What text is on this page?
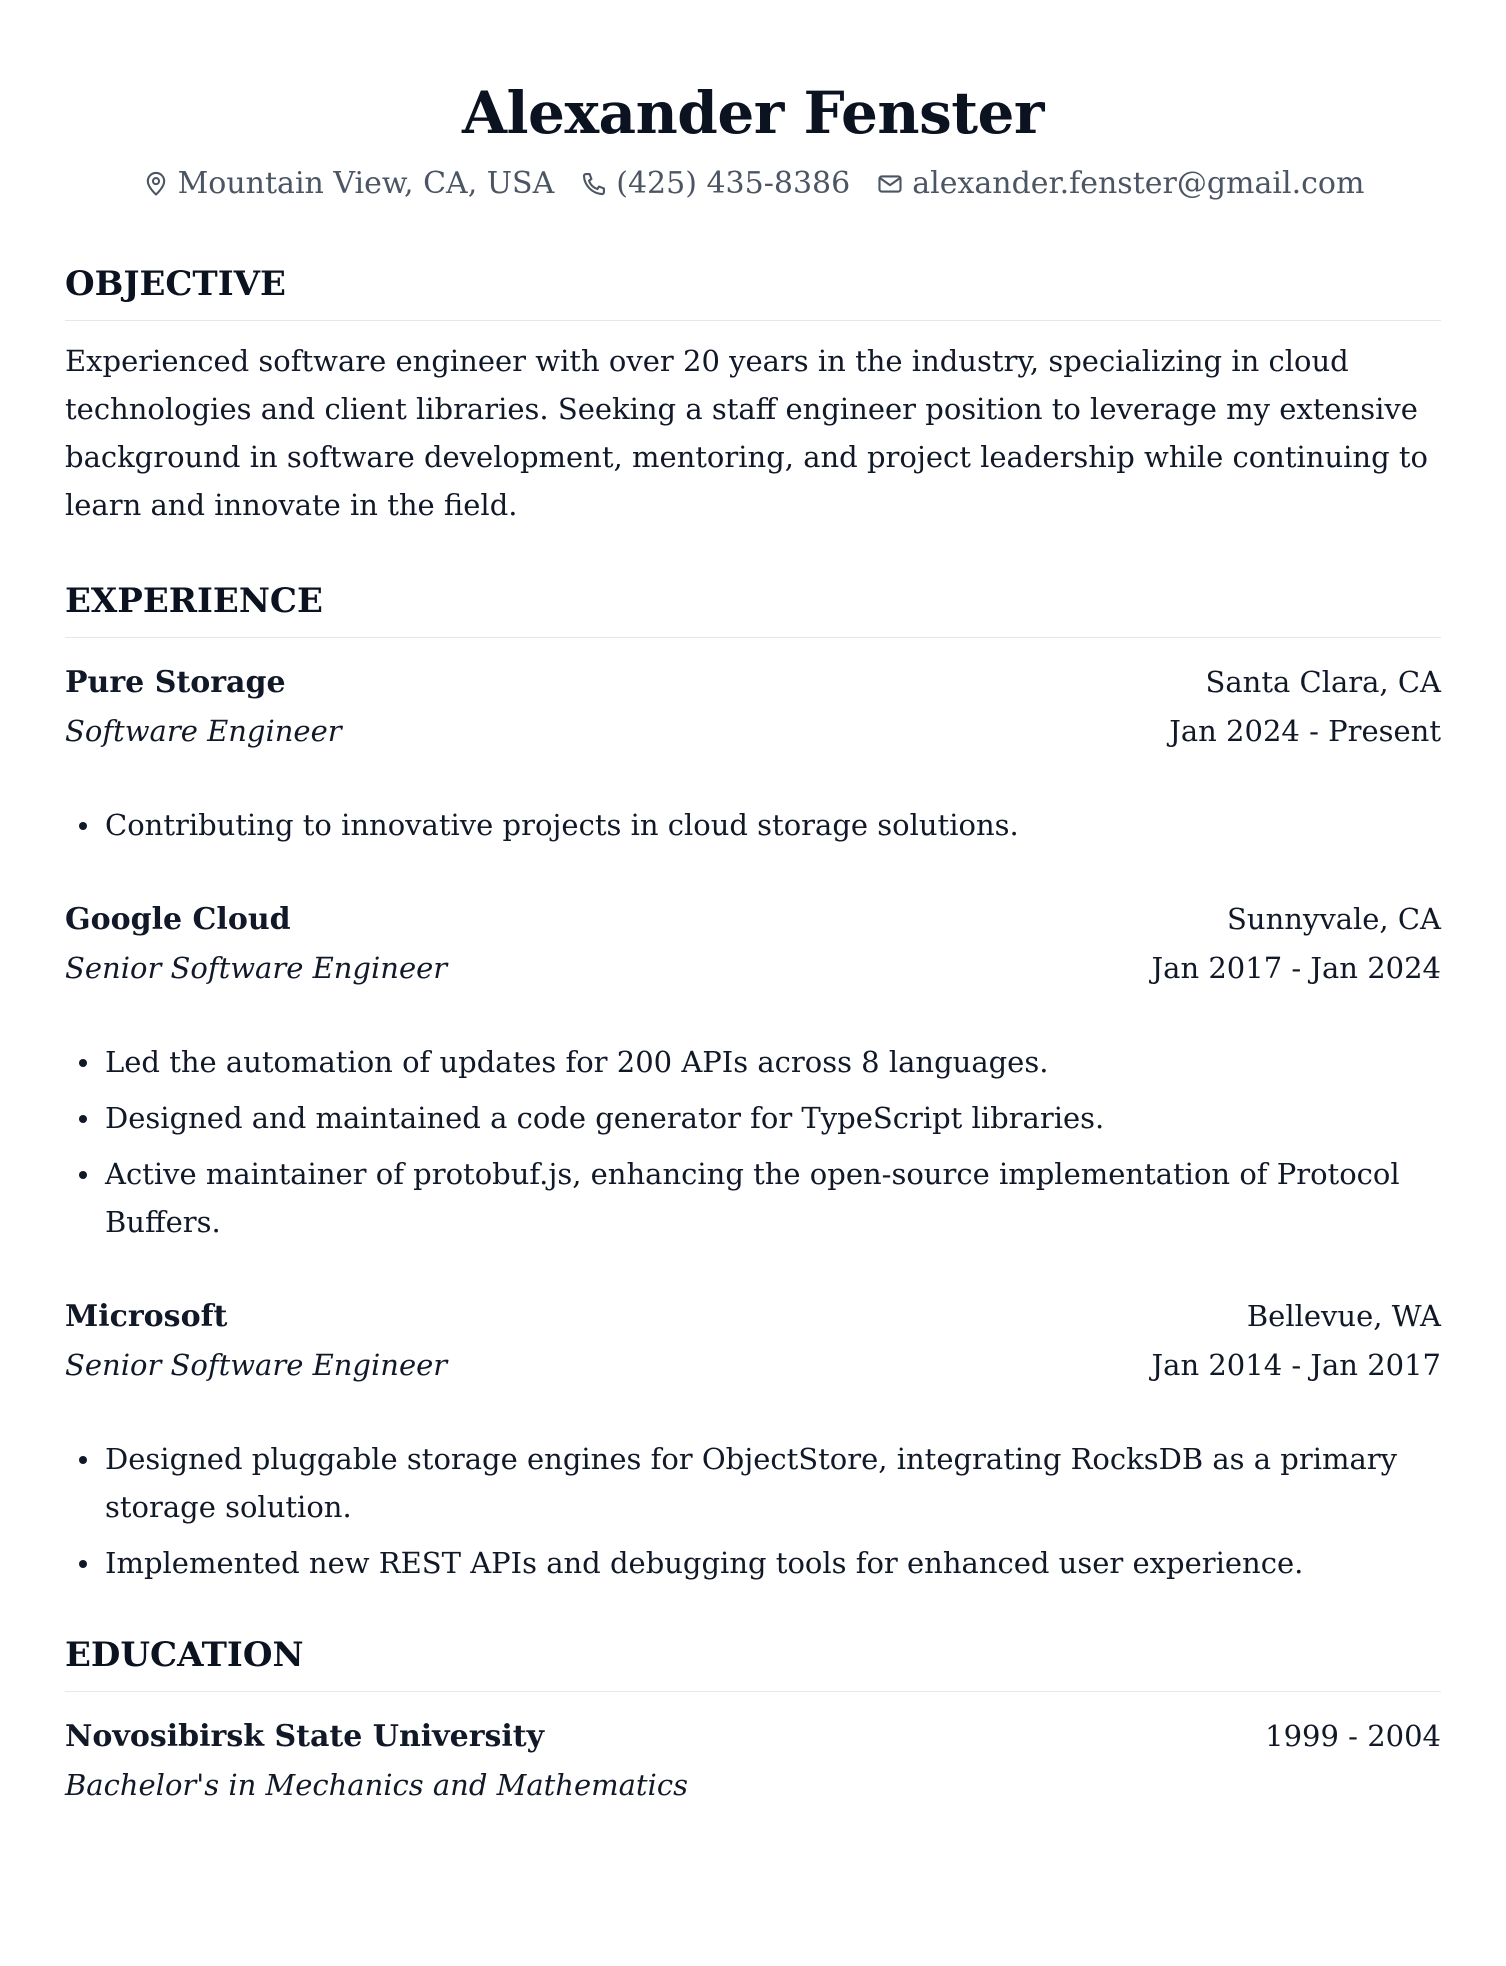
Alexander Fenster
Mountain View, CA, USA (425) 435-8386 alexander.fenster@gmail.com
OBJECTIVE

Experienced software engineer with over 20 years in the industry, specializing in cloud technologies and client libraries. Seeking a staff engineer position to leverage my extensive background in software development, mentoring, and project leadership while continuing to learn and innovate in the field.

EXPERIENCE
Pure Storage	Santa Clara, CA
Software Engineer	Jan 2024 - Present
Contributing to innovative projects in cloud storage solutions.
Google Cloud	Sunnyvale, CA
Senior Software Engineer	Jan 2017 - Jan 2024
Led the automation of updates for 200 APIs across 8 languages.
Designed and maintained a code generator for TypeScript libraries.
Active maintainer of protobuf.js, enhancing the open-source implementation of Protocol Buffers.
Microsoft	Bellevue, WA
Senior Software Engineer	Jan 2014 - Jan 2017
Designed pluggable storage engines for ObjectStore, integrating RocksDB as a primary storage solution.
Implemented new REST APIs and debugging tools for enhanced user experience.
EDUCATION
Novosibirsk State University	1999 - 2004
Bachelor's in Mechanics and Mathematics
